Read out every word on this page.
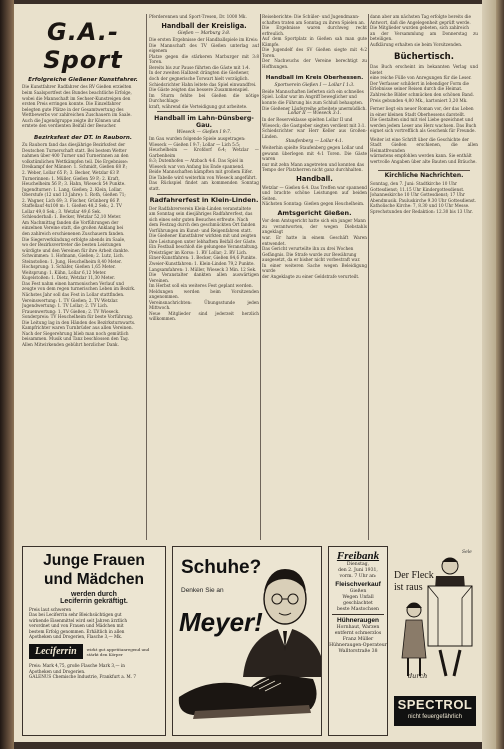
G.A.-Sport
Erfolgreiche Gießener Kunstfahrer.
Die Kunstfahrer Radfahrer des RV Gießen erzielten
beim Saalsportfest des Bundes beachtliche Erfolge,
wobei die Mannschaft im Sechser-Kunstreigen den
ersten Preis erringen konnte. Die Einzelfahrer
belegten gute Plätze in der Gesamtwertung des
Wettbewerbs vor zahlreichen Zuschauern im Saale.
Auch die Jugendgruppe zeigte ihr Können und
erntete den verdienten Beifall der Besucher.
Bezirksfest der DT. in Rauborn.
Zu Rauborn fand das diesjährige Bezirksfest der
Deutschen Turnerschaft statt. Bei bestem Wetter
nahmen über 400 Turner und Turnerinnen an den
volkstümlichen Wettkämpfen teil. Die Ergebnisse:
Dreikampf der Männer: 1. Schmidt, Gießen 68 P.;
2. Weber, Lollar 65 P.; 3. Becker, Wetzlar 63 P.
Turnerinnen: 1. Müller, Gießen 59 P.; 2. Kraft,
Heuchelheim 56 P.; 3. Hahn, Wieseck 54 Punkte.
Jugendturner: 1. Lang, Gießen; 2. Klein, Lollar.
Oberstufe (12 und 13 Jahre): 1. Roth, Gießen 71;
2. Wagner, Lich 69; 3. Fischer, Grünberg 66 P.
Staffellauf 4x100 m: 1. Gießen 48,2 Sek.; 2. TV
Lollar 49,0 Sek.; 3. Wetzlar 49,6 Sek.
Schleuderball: 1. Becker, Wetzlar 52,10 Meter.
Am Nachmittag fanden die Vorführungen der
einzelnen Vereine statt, die großen Anklang bei
den zahlreich erschienenen Zuschauern fanden.
Die Siegerverkündung erfolgte abends im Saale,
wo der Bezirksvertreter die besten Leistungen
würdigte und den Vereinen für ihre Arbeit dankte.
Schwimmen: 1. Hofmann, Gießen; 2. Lutz, Lich.
Steinstoßen: 1. Jung, Heuchelheim 8,40 Meter.
Hochsprung: 1. Schäfer, Gießen 1,65 Meter.
Weitsprung: 1. Kühn, Lollar 6,12 Meter.
Kugelstoßen: 1. Dietz, Wetzlar 11,30 Meter.
Das Fest nahm einen harmonischen Verlauf und
zeugte von dem regen turnerischen Leben im Bezirk.
Nächstes Jahr soll das Fest in Lollar stattfinden.
Vereinswertung: 1. TV Gießen; 2. TV Wetzlar.
Jugendwertung: 1. TV Lollar; 2. TV Lich.
Frauenwertung: 1. TV Gießen; 2. TV Wieseck.
Sonderpreis: TV Heuchelheim für beste Vorführung.
Die Leitung lag in den Händen des Bezirksturnwarts.
Kampfrichter waren Turnbrüder aus allen Vereinen.
Nach der Siegerehrung blieb man noch gemütlich
beisammen. Musik und Tanz beschlossen den Tag.
Allen Mitwirkenden gebührt herzlicher Dank.
Pferderennen und Sport-Tresen, Dr. 1000 Mk.
Handball der Kreisliga.
Gießen — Marburg 3:8.
Die ersten Ergebnisse der Handballspiele im Kreis:
Die Mannschaft des TV Gießen unterlag auf eigenem
Platze gegen die stärkeren Marburger mit 3:8 Toren.
Bereits bis zur Pause führten die Gäste mit 1:4.
In der zweiten Halbzeit drängten die Gießener,
doch der gegnerische Torwart hielt vorzüglich.
Schiedsrichter Hahn leitete das Spiel einwandfrei.
Die Gäste zeigten das bessere Zusammenspiel.
Im Sturm fehlte bei Gießen die nötige Durchschlags-
kraft, während die Verteidigung gut arbeitete.
Handball im Lahn-Dünsberg-Gau.
Wieseck — Gießen I 9:7.
Im Gau wurden folgende Spiele ausgetragen:
Wieseck — Gießen I 9:7; Lollar — Lich 5:5;
Heuchelheim — Krofdorf 6:4; Wetzlar — Garbenheim
8:3; Dutenhofen — Atzbach 4:6. Das Spiel in
Wieseck war von Anfang bis Ende spannend.
Beide Mannschaften kämpften mit großem Eifer.
Die Tabelle wird weiterhin von Wieseck angeführt.
Das Rückspiel findet am kommenden Sonntag statt.
Radfahrerfest in Klein-Linden.
Der Radfahrerverein Klein-Linden veranstaltete
am Sonntag sein diesjähriges Radfahrerfest, das
sich eines sehr guten Besuches erfreute. Nach
dem Festzug durch den geschmückten Ort fanden
Vorführungen im Kunst- und Reigenfahren statt.
Die Gießener Kunstfahrer wirkten mit und zeigten
ihre Leistungen unter lebhaftem Beifall der Gäste.
Ein Festball beschloß die gelungene Veranstaltung.
Preisträger im Korso: 1. RV Lollar; 2. RV Lich.
Einer-Kunstfahren: 1. Becker, Gießen 84,6 Punkte.
Zweier-Kunstfahren: 1. Klein-Linden 79,2 Punkte.
Langsamfahren: 1. Müller, Wieseck 3 Min. 12 Sek.
Die Veranstalter dankten allen auswärtigen Vereinen.
Im Herbst soll ein weiteres Fest geplant werden.
Meldungen werden beim Vorsitzenden angenommen.
Vereinsnachrichten: Übungsstunde jeden Mittwoch.
Neue Mitglieder sind jederzeit herzlich willkommen.
Reiseberichte: Die Schüler- und Jugendmann-
schaften traten am Sonntag zu ihren Spielen an.
Die Ergebnisse waren durchweg recht erfreulich.
Auf dem Sportplatz in Gießen sah man gute Kämpfe.
Die Jugendelf des SV Gießen siegte mit 4:2 Toren.
Der Nachwuchs der Vereine berechtigt zu Hoffnungen.
Handball im Kreis Oberhessen.
Sportverein Gießen I — Lollar I 1:3.
Beide Mannschaften lieferten sich ein schnelles
Spiel. Lollar war im Angriff beweglicher und
konnte die Führung bis zum Schluß behaupten.
Die Gießener Läuferreihe arbeitete unermüdlich.
Lollar II — Wieseck 3:1.
In der Reserveklasse spielten Lollar II und
Wieseck; die Gastgeber siegten verdient mit 3:1.
Schiedsrichter war Herr Keller aus Großen-Linden.
Staufenberg — Lollar 4:1.
Weiterhin spielte Staufenberg gegen Lollar und
gewann überlegen mit 4:1 Toren. Die Gäste waren
nur mit zehn Mann angetreten und konnten das
Tempo der Platzherren nicht ganz durchhalten.
Handball.
Wetzlar — Gießen 6:4. Das Treffen war spannend
und brachte schöne Leistungen auf beiden Seiten.
Nächsten Sonntag: Gießen gegen Heuchelheim.
Amtsgericht Gießen.
Vor dem Amtsgericht hatte sich ein junger Mann
zu verantworten, der wegen Diebstahls angeklagt
war. Er hatte in einem Geschäft Waren entwendet.
Das Gericht verurteilte ihn zu drei Wochen
Gefängnis. Die Strafe wurde zur Bewährung
ausgesetzt, da er bisher nicht vorbestraft war.
In einer weiteren Sache wegen Beleidigung wurde
der Angeklagte zu einer Geldstrafe verurteilt.
dann aber am nächsten Tag erfolgte bereits die
Antwort, daß die Angelegenheit geprüft werde.
Die Mitglieder wurden gebeten, sich zahlreich
an der Versammlung am Donnerstag zu beteiligen.
Aufklärung erhalten sie beim Vorsitzenden.
Büchertisch.
Das Buch erscheint im bekannten Verlag und bietet
eine reiche Fülle von Anregungen für die Leser.
Der Verfasser schildert in lebendiger Form die
Erlebnisse seiner Reisen durch die Heimat.
Zahlreiche Bilder schmücken den schönen Band.
Preis gebunden 4,80 Mk., kartoniert 3,20 Mk.
Ferner liegt ein neuer Roman vor, der das Leben
in einer kleinen Stadt Oberhessens darstellt.
Die Gestalten sind mit viel Liebe gezeichnet und
werden jedem Leser ans Herz wachsen. Das Buch
eignet sich vortrefflich als Geschenk für Freunde.
Weiter ist eine Schrift über die Geschichte der
Stadt Gießen erschienen, die allen Heimatfreunden
wärmstens empfohlen werden kann. Sie enthält
wertvolle Angaben über alte Bauten und Bräuche.
Kirchliche Nachrichten.
Sonntag, den 7. Juni: Stadtkirche 10 Uhr
Gottesdienst; 11.15 Uhr Kindergottesdienst.
Johanneskirche 10 Uhr Gottesdienst; 17 Uhr
Abendmusik. Pauluskirche 9.30 Uhr Gottesdienst.
Katholische Kirche: 7, 8.30 und 10 Uhr Messe.
Sprechstunden der Redaktion: 12.30 bis 13 Uhr.
Junge Frauen
und Mädchen
werden durch
Leciferrin gekräftigt.
Preis laut schweren
Das bei Leciferrin sehr Bleichsüchtigen gut
wirkende Eisenmittel wird seit Jahren ärztlich
verordnet und von Frauen und Mädchen mit
bestem Erfolg genommen. Erhältlich in allen
Apotheken und Drogerien, Flasche 3,— Mk.
Leciferrin	wirkt gut appetitanregend und stärkt den Körper
Preis: Mark 4,75, große Flasche Mark 3,— in
Apotheken und Drogerien.
GALENUS Chemische Industrie, Frankfurt a. M. 7
Schuhe?
Denken Sie an
Meyer!
Freibank
Dienstag,
den 2. Juni 1931,
vorm. 7 Uhr an:
Fleischverkauf
Gießen
Wegen Unfall geschlachtet
beste Mastochsen
Hühneraugen
Hornhaut, Warzen
entfernt schmerzlos
Franz Müller
Hühneraugen-Operateur
Walltorstraße 38
Sele
Der Fleck
ist raus
durch
SPECTROL
nicht feuergefährlich
